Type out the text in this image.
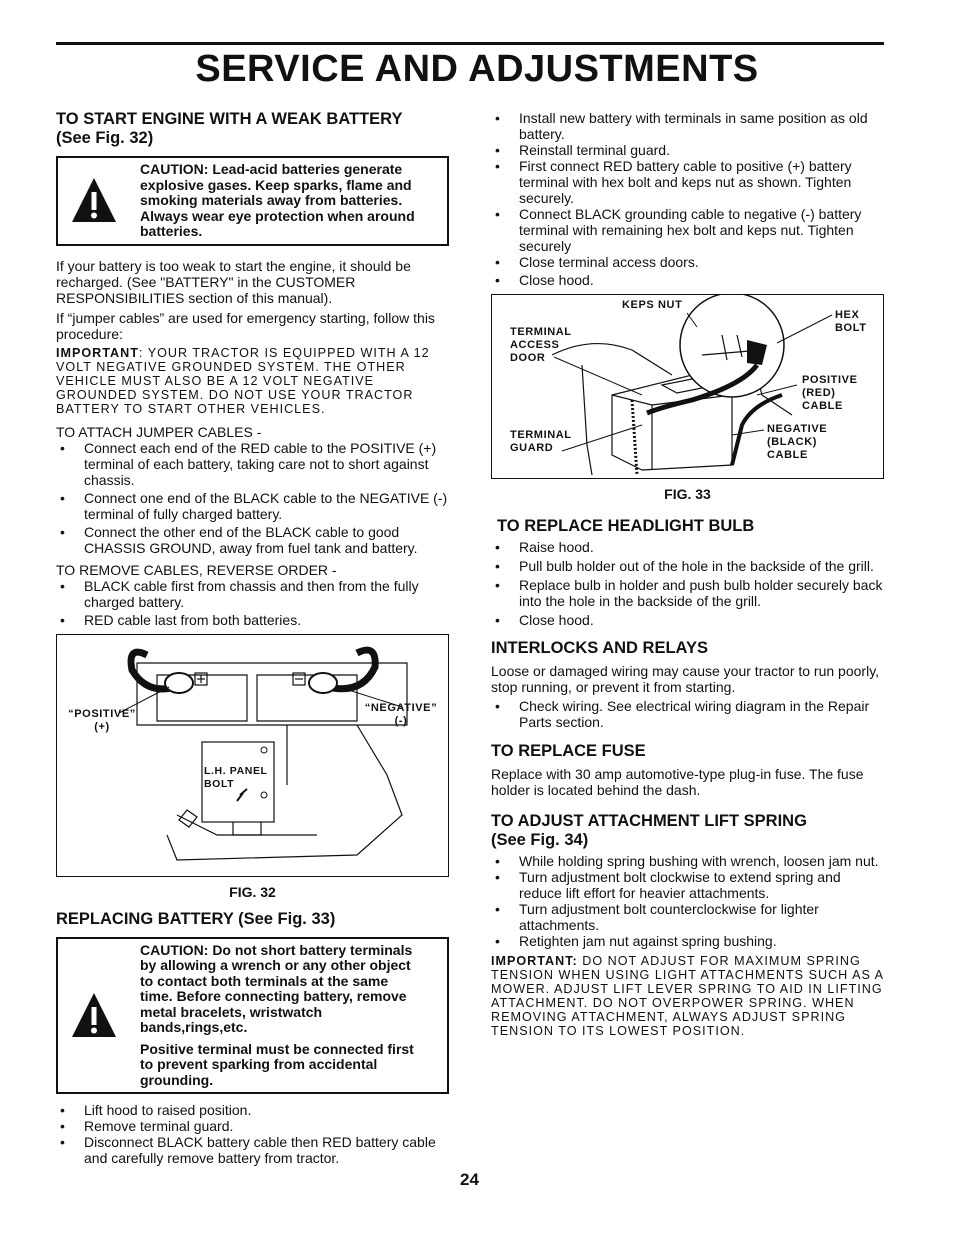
SERVICE AND ADJUSTMENTS
TO START ENGINE WITH A WEAK BATTERY
(See Fig. 32)
CAUTION: Lead-acid batteries generate explosive gases. Keep sparks, flame and smoking materials away from batteries. Always wear eye protection when around batteries.

If your battery is too weak to start the engine, it should be recharged. (See "BATTERY" in the CUSTOMER RESPONSIBILITIES section of this manual).

If “jumper cables” are used for emergency starting, follow this procedure:

IMPORTANT: YOUR TRACTOR IS EQUIPPED WITH A 12 VOLT NEGATIVE GROUNDED SYSTEM. THE OTHER VEHICLE MUST ALSO BE A 12 VOLT NEGATIVE GROUNDED SYSTEM. DO NOT USE YOUR TRACTOR BATTERY TO START OTHER VEHICLES.

TO ATTACH JUMPER CABLES -

• Connect each end of the RED cable to the POSITIVE (+) terminal of each battery, taking care not to short against chassis.
• Connect one end of the BLACK cable to the NEGATIVE (-) terminal of fully charged battery.
• Connect the other end of the BLACK cable to good CHASSIS GROUND, away from fuel tank and battery.

TO REMOVE CABLES, REVERSE ORDER -

• BLACK cable first from chassis and then from the fully charged battery.
• RED cable last from both batteries.
“POSITIVE”
(+)
“NEGATIVE”
(-)
L.H. PANEL
BOLT
FIG. 32
REPLACING BATTERY (See Fig. 33)
CAUTION: Do not short battery terminals by allowing a wrench or any other object to contact both terminals at the same time. Before connecting battery, remove metal bracelets, wristwatch bands,rings,etc.
Positive terminal must be connected first to prevent sparking from accidental grounding.
• Lift hood to raised position.
• Remove terminal guard.
• Disconnect BLACK battery cable then RED battery cable and carefully remove battery from tractor.
• Install new battery with terminals in same position as old battery.
• Reinstall terminal guard.
• First connect RED battery cable to positive (+) battery terminal with hex bolt and keps nut as shown. Tighten securely.
• Connect BLACK grounding cable to negative (-) battery terminal with remaining hex bolt and keps nut. Tighten securely
• Close terminal access doors.
• Close hood.
KEPS NUT
HEX
BOLT
TERMINAL
ACCESS
DOOR
POSITIVE
(RED)
CABLE
TERMINAL
GUARD
NEGATIVE
(BLACK)
CABLE
FIG. 33
TO REPLACE HEADLIGHT BULB
• Raise hood.
• Pull bulb holder out of the hole in the backside of the grill.
• Replace bulb in holder and push bulb holder securely back into the hole in the backside of the grill.
• Close hood.
INTERLOCKS AND RELAYS

Loose or damaged wiring may cause your tractor to run poorly, stop running, or prevent it from starting.

• Check wiring. See electrical wiring diagram in the Repair Parts section.
TO REPLACE FUSE

Replace with 30 amp automotive-type plug-in fuse. The fuse holder is located behind the dash.

TO ADJUST ATTACHMENT LIFT SPRING
(See Fig. 34)
• While holding spring bushing with wrench, loosen jam nut.
• Turn adjustment bolt clockwise to extend spring and reduce lift effort for heavier attachments.
• Turn adjustment bolt counterclockwise for lighter attachments.
• Retighten jam nut against spring bushing.

IMPORTANT: DO NOT ADJUST FOR MAXIMUM SPRING TENSION WHEN USING LIGHT ATTACHMENTS SUCH AS A MOWER. ADJUST LIFT LEVER SPRING TO AID IN LIFTING ATTACHMENT. DO NOT OVERPOWER SPRING. WHEN REMOVING ATTACHMENT, ALWAYS ADJUST SPRING TENSION TO ITS LOWEST POSITION.

24
